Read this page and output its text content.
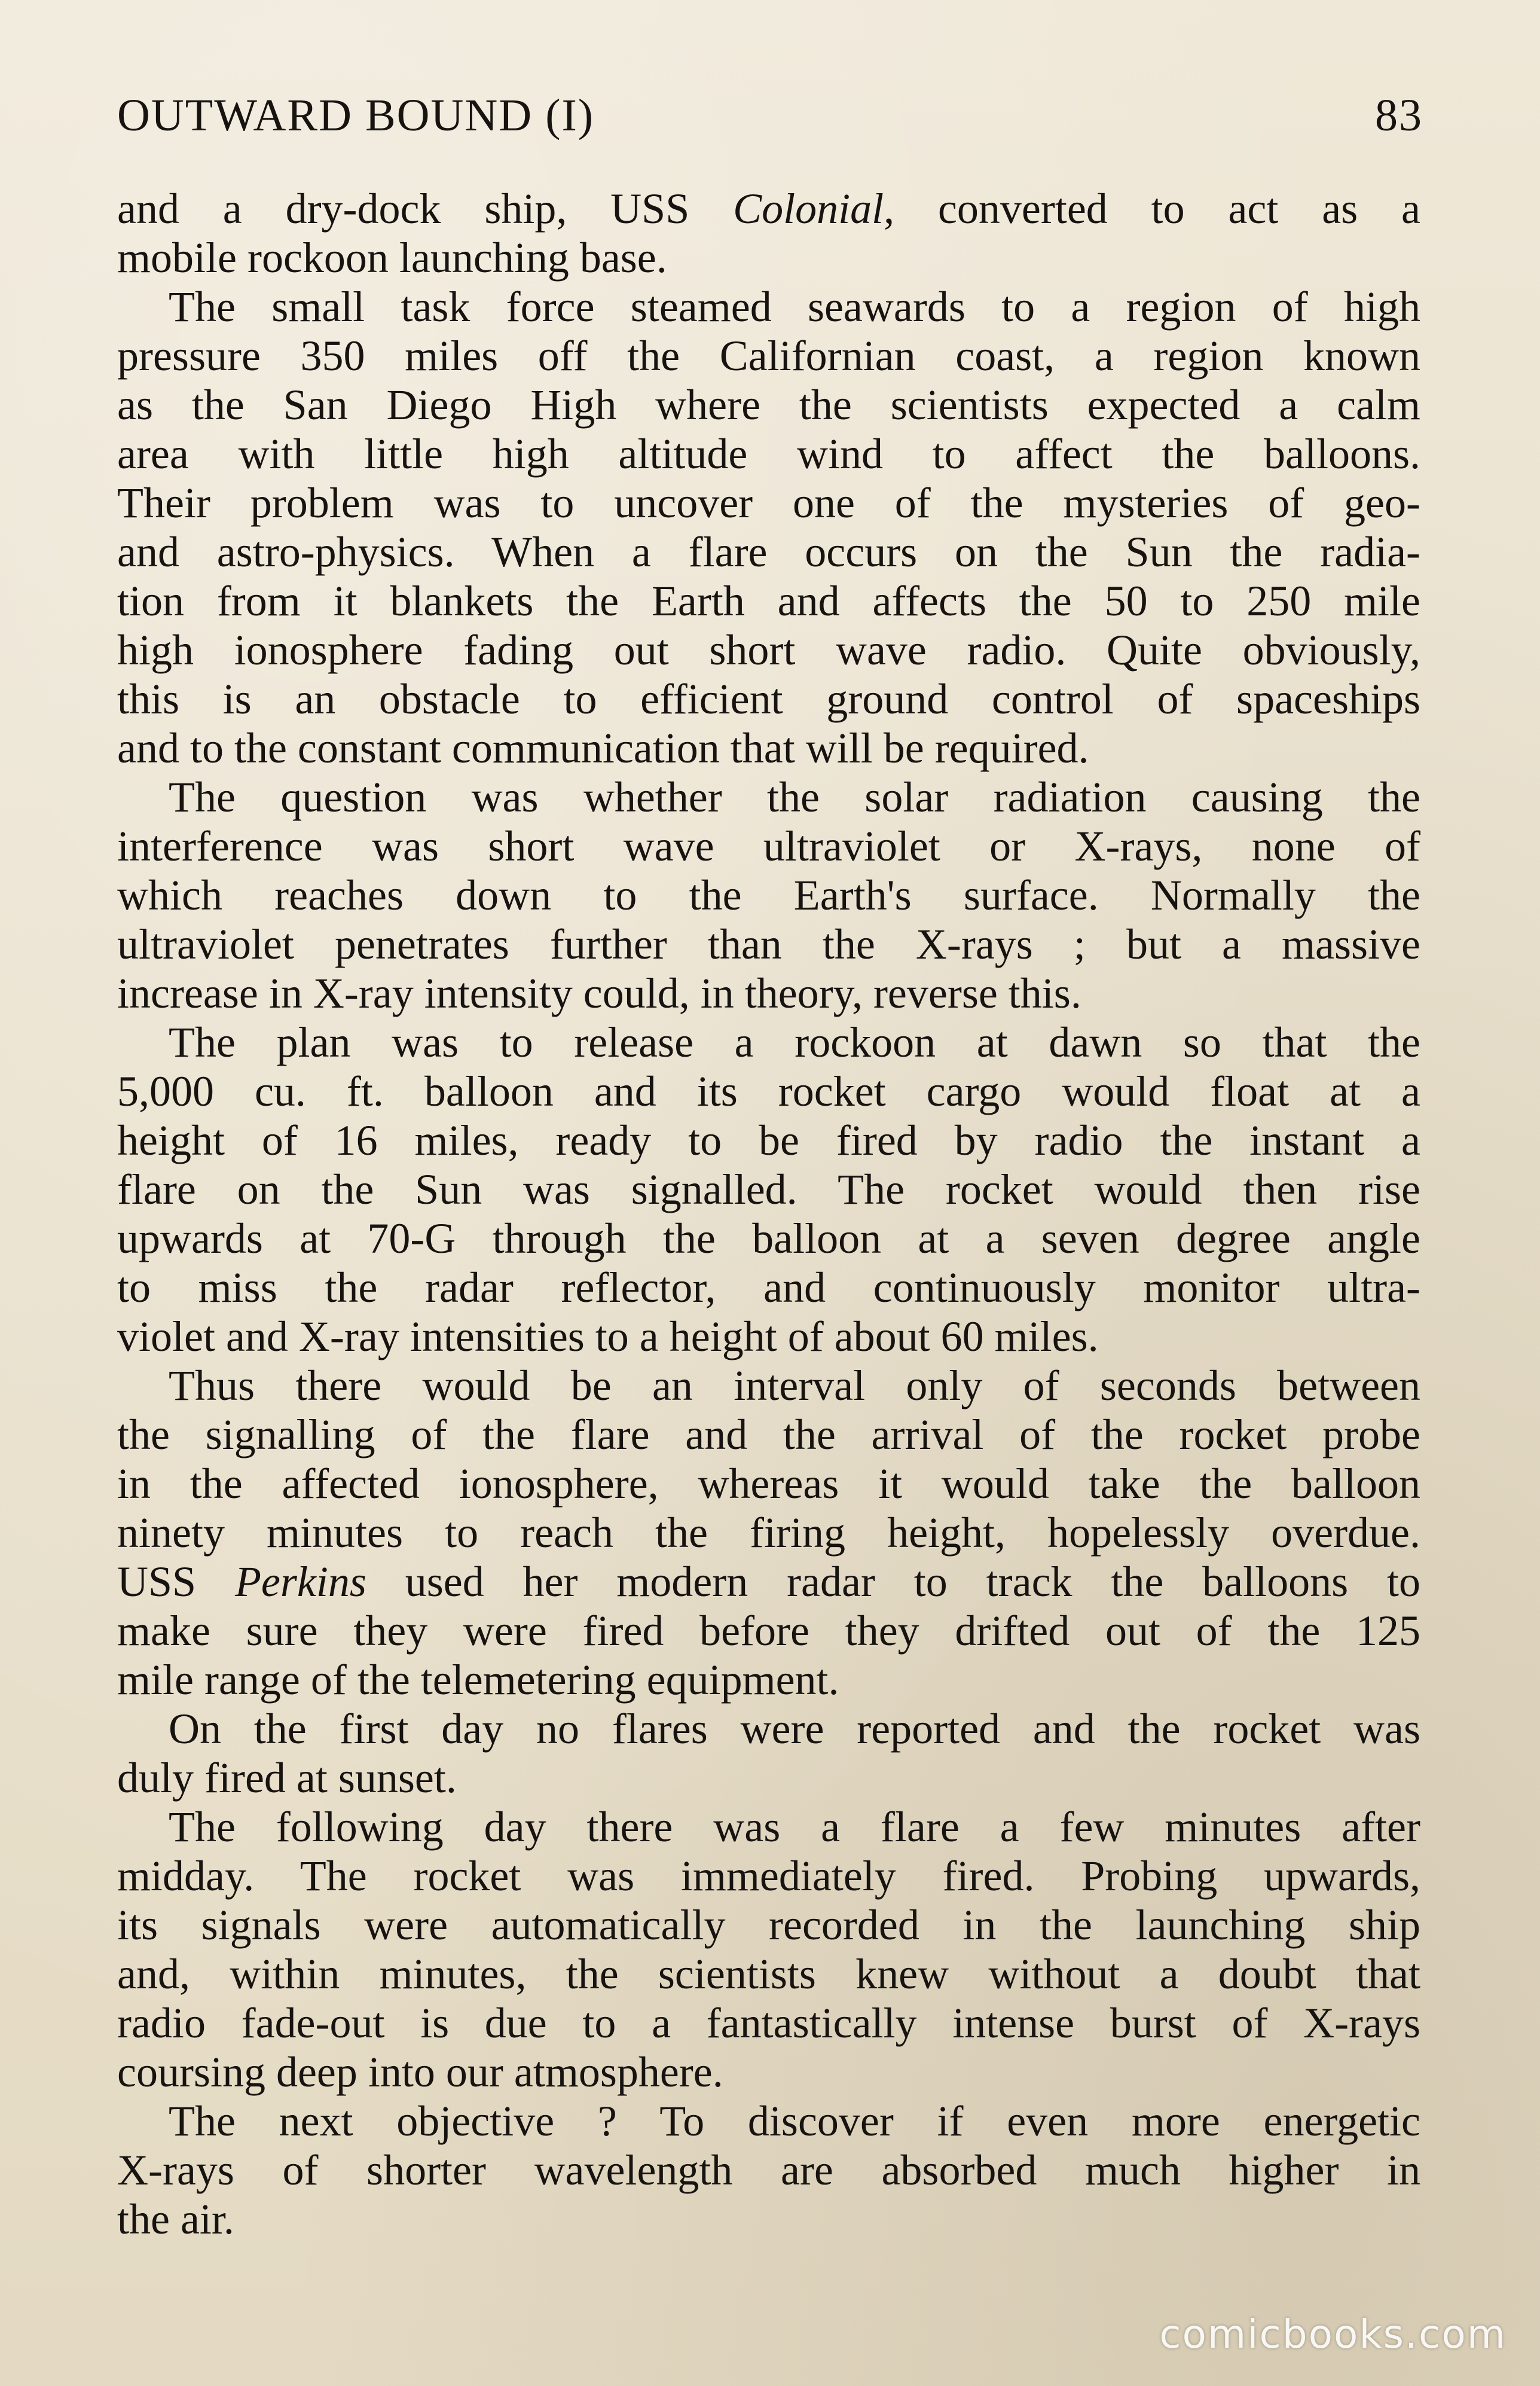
OUTWARD BOUND (I)	83
and a dry-dock ship, USS Colonial, converted to act as a
mobile rockoon launching base.
The small task force steamed seawards to a region of high
pressure 350 miles off the Californian coast, a region known
as the San Diego High where the scientists expected a calm
area with little high altitude wind to affect the balloons.
Their problem was to uncover one of the mysteries of geo-
and astro-physics. When a flare occurs on the Sun the radia-
tion from it blankets the Earth and affects the 50 to 250 mile
high ionosphere fading out short wave radio. Quite obviously,
this is an obstacle to efficient ground control of spaceships
and to the constant communication that will be required.
The question was whether the solar radiation causing the
interference was short wave ultraviolet or X-rays, none of
which reaches down to the Earth's surface. Normally the
ultraviolet penetrates further than the X-rays ; but a massive
increase in X-ray intensity could, in theory, reverse this.
The plan was to release a rockoon at dawn so that the
5,000 cu. ft. balloon and its rocket cargo would float at a
height of 16 miles, ready to be fired by radio the instant a
flare on the Sun was signalled. The rocket would then rise
upwards at 70-G through the balloon at a seven degree angle
to miss the radar reflector, and continuously monitor ultra-
violet and X-ray intensities to a height of about 60 miles.
Thus there would be an interval only of seconds between
the signalling of the flare and the arrival of the rocket probe
in the affected ionosphere, whereas it would take the balloon
ninety minutes to reach the firing height, hopelessly overdue.
USS Perkins used her modern radar to track the balloons to
make sure they were fired before they drifted out of the 125
mile range of the telemetering equipment.
On the first day no flares were reported and the rocket was
duly fired at sunset.
The following day there was a flare a few minutes after
midday. The rocket was immediately fired. Probing upwards,
its signals were automatically recorded in the launching ship
and, within minutes, the scientists knew without a doubt that
radio fade-out is due to a fantastically intense burst of X-rays
coursing deep into our atmosphere.
The next objective ? To discover if even more energetic
X-rays of shorter wavelength are absorbed much higher in
the air.
comicbooks.com
